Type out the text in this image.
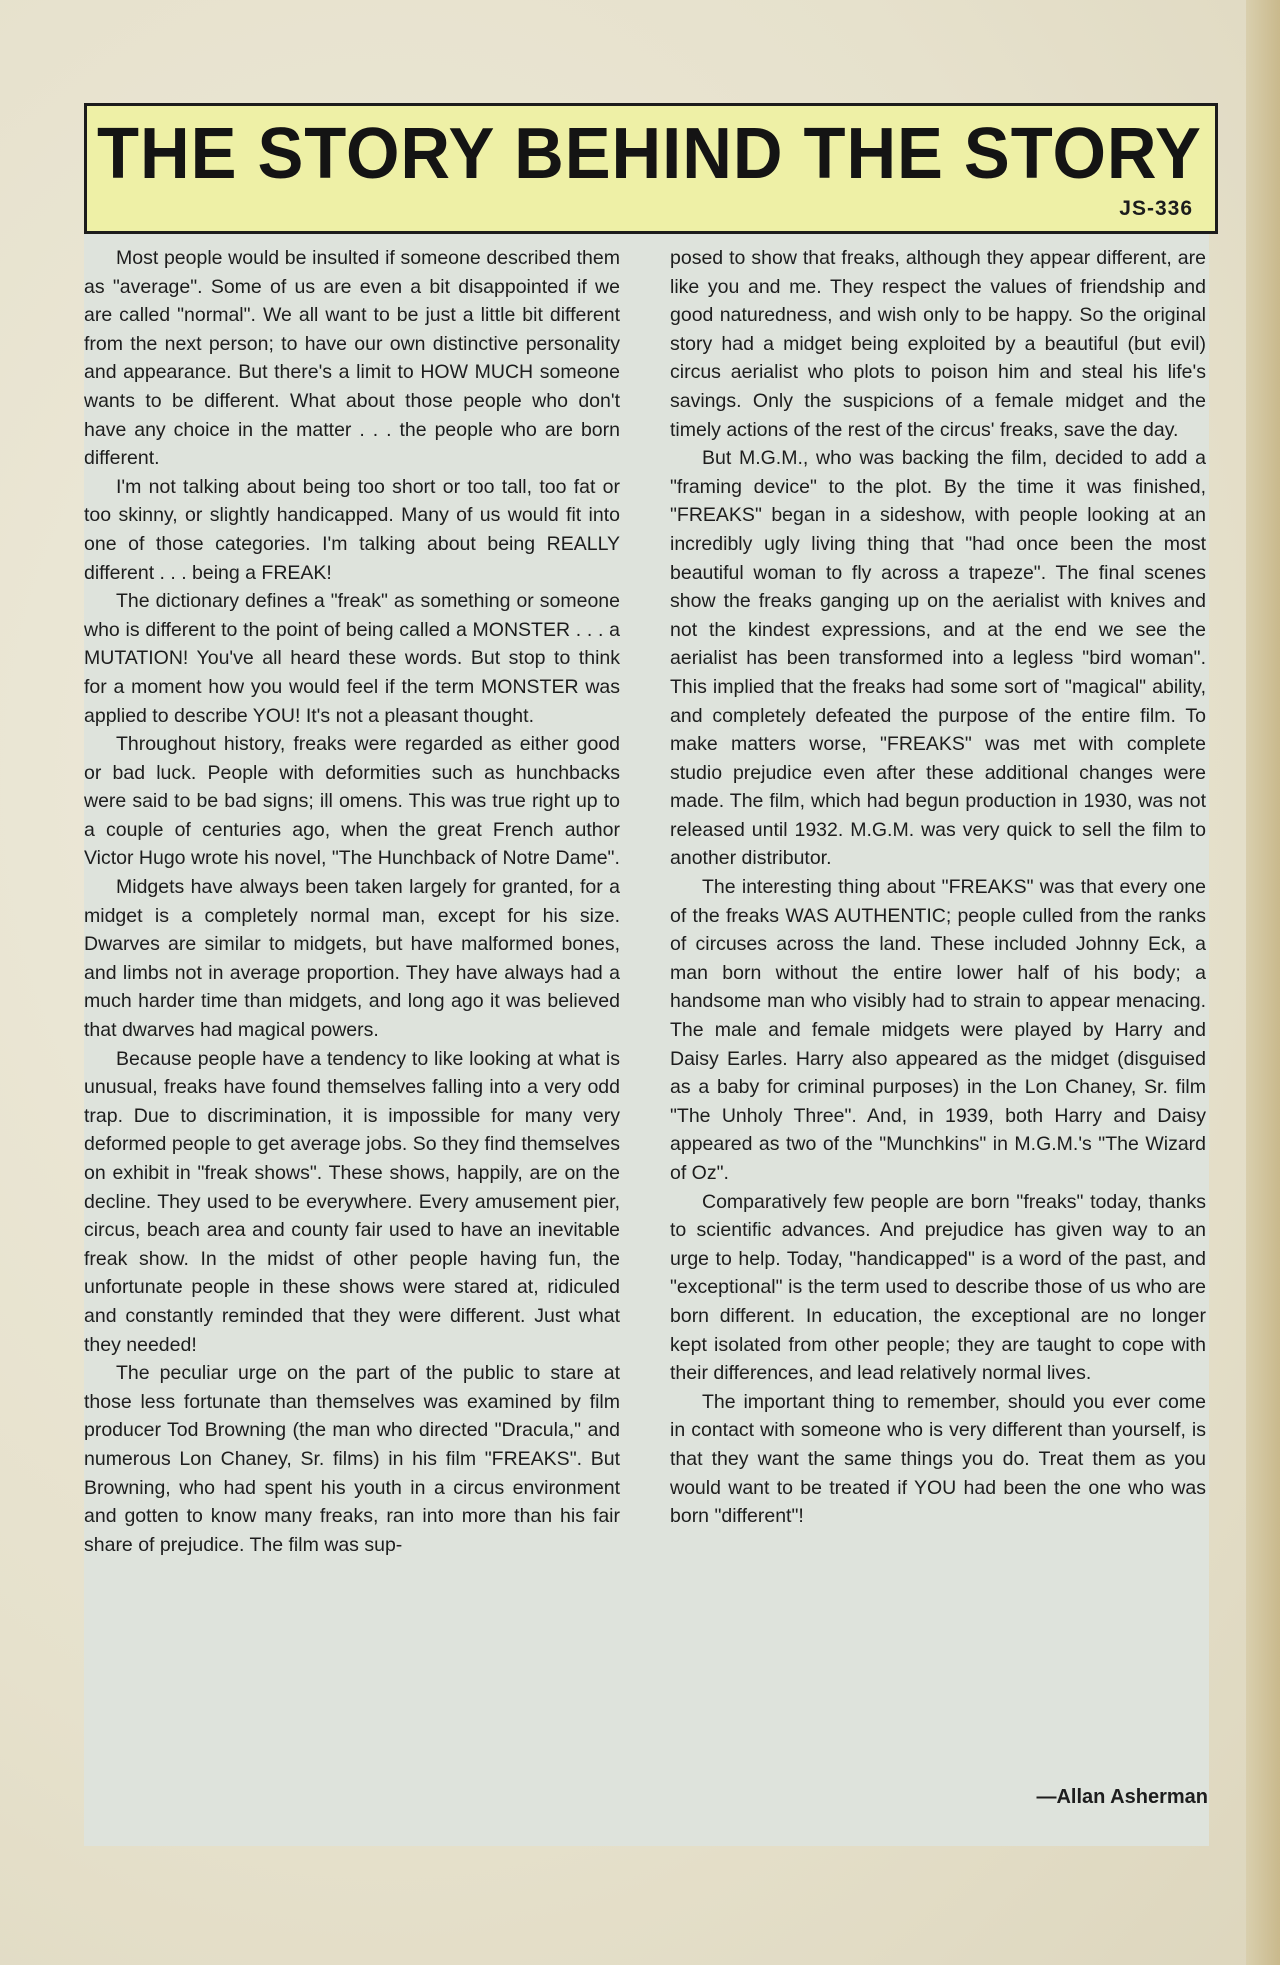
THE STORY BEHIND THE STORY
JS-336

Most people would be insulted if someone described them as "average". Some of us are even a bit disappointed if we are called "normal". We all want to be just a little bit different from the next person; to have our own distinctive personality and appearance. But there's a limit to HOW MUCH someone wants to be different. What about those people who don't have any choice in the matter . . . the people who are born different.

I'm not talking about being too short or too tall, too fat or too skinny, or slightly handicapped. Many of us would fit into one of those categories. I'm talking about being REALLY different . . . being a FREAK!

The dictionary defines a "freak" as something or someone who is different to the point of being called a MONSTER . . . a MUTATION! You've all heard these words. But stop to think for a moment how you would feel if the term MONSTER was applied to describe YOU! It's not a pleasant thought.

Throughout history, freaks were regarded as either good or bad luck. People with deformities such as hunchbacks were said to be bad signs; ill omens. This was true right up to a couple of centuries ago, when the great French author Victor Hugo wrote his novel, "The Hunchback of Notre Dame".

Midgets have always been taken largely for granted, for a midget is a completely normal man, except for his size. Dwarves are similar to midgets, but have malformed bones, and limbs not in average proportion. They have always had a much harder time than midgets, and long ago it was believed that dwarves had magical powers.

Because people have a tendency to like looking at what is unusual, freaks have found themselves falling into a very odd trap. Due to discrimination, it is impossible for many very deformed people to get average jobs. So they find themselves on exhibit in "freak shows". These shows, happily, are on the decline. They used to be everywhere. Every amusement pier, circus, beach area and county fair used to have an inevitable freak show. In the midst of other people having fun, the unfortunate people in these shows were stared at, ridiculed and constantly reminded that they were different. Just what they needed!

The peculiar urge on the part of the public to stare at those less fortunate than themselves was examined by film producer Tod Browning (the man who directed "Dracula," and numerous Lon Chaney, Sr. films) in his film "FREAKS". But Browning, who had spent his youth in a circus environment and gotten to know many freaks, ran into more than his fair share of prejudice. The film was sup-

posed to show that freaks, although they appear different, are like you and me. They respect the values of friendship and good naturedness, and wish only to be happy. So the original story had a midget being exploited by a beautiful (but evil) circus aerialist who plots to poison him and steal his life's savings. Only the suspicions of a female midget and the timely actions of the rest of the circus' freaks, save the day.

But M.G.M., who was backing the film, decided to add a "framing device" to the plot. By the time it was finished, "FREAKS" began in a sideshow, with people looking at an incredibly ugly living thing that "had once been the most beautiful woman to fly across a trapeze". The final scenes show the freaks ganging up on the aerialist with knives and not the kindest expressions, and at the end we see the aerialist has been transformed into a legless "bird woman". This implied that the freaks had some sort of "magical" ability, and completely defeated the purpose of the entire film. To make matters worse, "FREAKS" was met with complete studio prejudice even after these additional changes were made. The film, which had begun production in 1930, was not released until 1932. M.G.M. was very quick to sell the film to another distributor.

The interesting thing about "FREAKS" was that every one of the freaks WAS AUTHENTIC; people culled from the ranks of circuses across the land. These included Johnny Eck, a man born without the entire lower half of his body; a handsome man who visibly had to strain to appear menacing. The male and female midgets were played by Harry and Daisy Earles. Harry also appeared as the midget (disguised as a baby for criminal purposes) in the Lon Chaney, Sr. film "The Unholy Three". And, in 1939, both Harry and Daisy appeared as two of the "Munchkins" in M.G.M.'s "The Wizard of Oz".

Comparatively few people are born "freaks" today, thanks to scientific advances. And prejudice has given way to an urge to help. Today, "handicapped" is a word of the past, and "exceptional" is the term used to describe those of us who are born different. In education, the exceptional are no longer kept isolated from other people; they are taught to cope with their differences, and lead relatively normal lives.

The important thing to remember, should you ever come in contact with someone who is very different than yourself, is that they want the same things you do. Treat them as you would want to be treated if YOU had been the one who was born "different"!

—Allan Asherman
